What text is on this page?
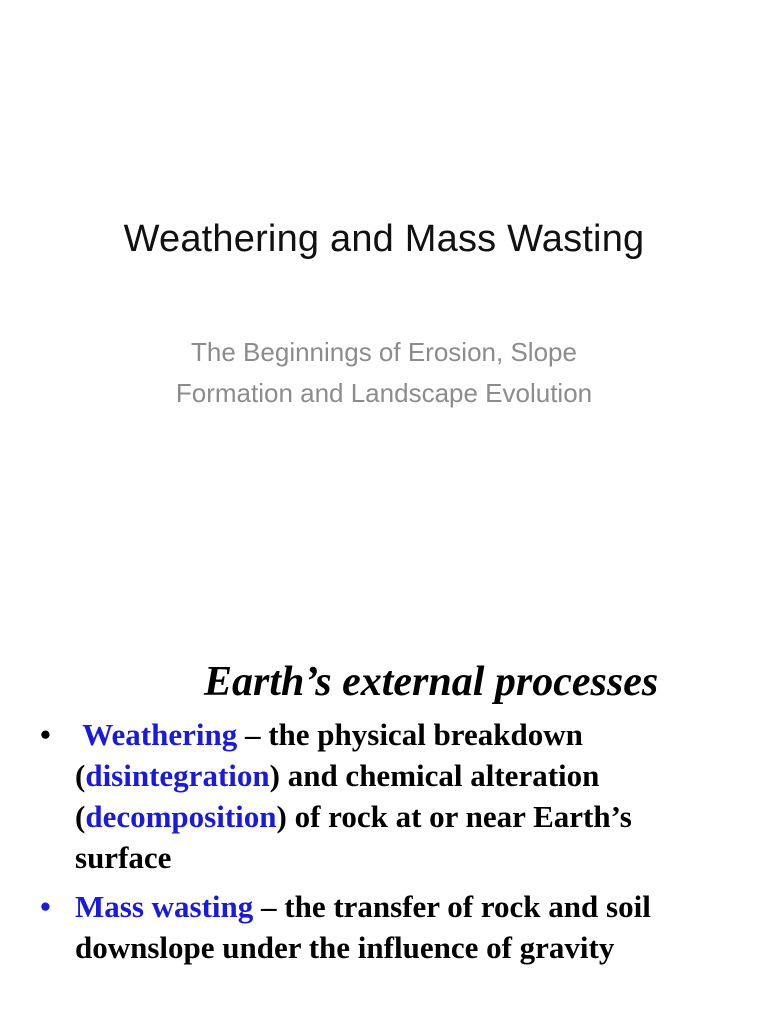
Weathering and Mass Wasting
The Beginnings of Erosion, Slope
Formation and Landscape Evolution
Earth’s external processes
• Weathering – the physical breakdown
(disintegration) and chemical alteration
(decomposition) of rock at or near Earth’s
surface
• Mass wasting – the transfer of rock and soil
downslope under the influence of gravity
